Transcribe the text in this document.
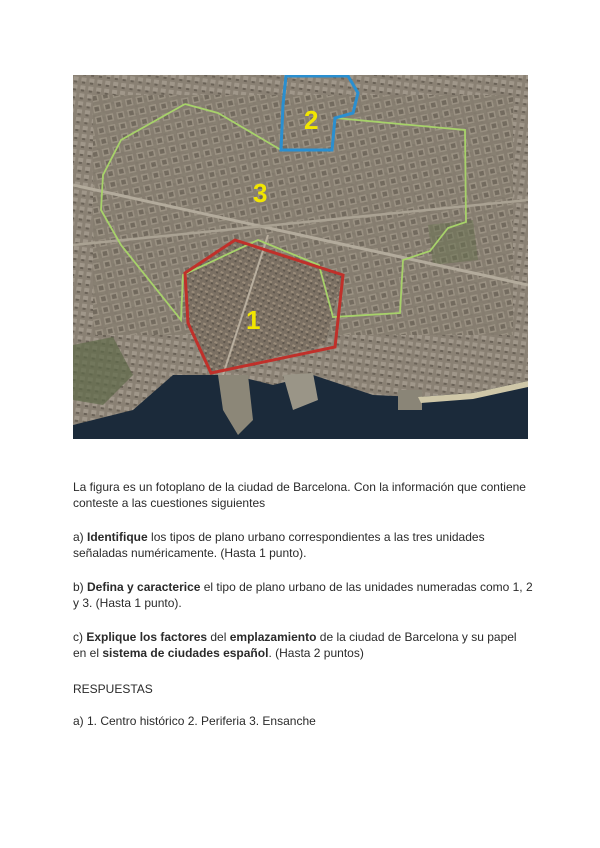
1
2
3

La figura es un fotoplano de la ciudad de Barcelona. Con la información que contiene conteste a las cuestiones siguientes

a) Identifique los tipos de plano urbano correspondientes a las tres unidades señaladas numéricamente. (Hasta 1 punto).

b) Defina y caracterice el tipo de plano urbano de las unidades numeradas como 1, 2 y 3. (Hasta 1 punto).

c) Explique los factores del emplazamiento de la ciudad de Barcelona y su papel en el sistema de ciudades español. (Hasta 2 puntos)

RESPUESTAS

a) 1. Centro histórico 2. Periferia 3. Ensanche
